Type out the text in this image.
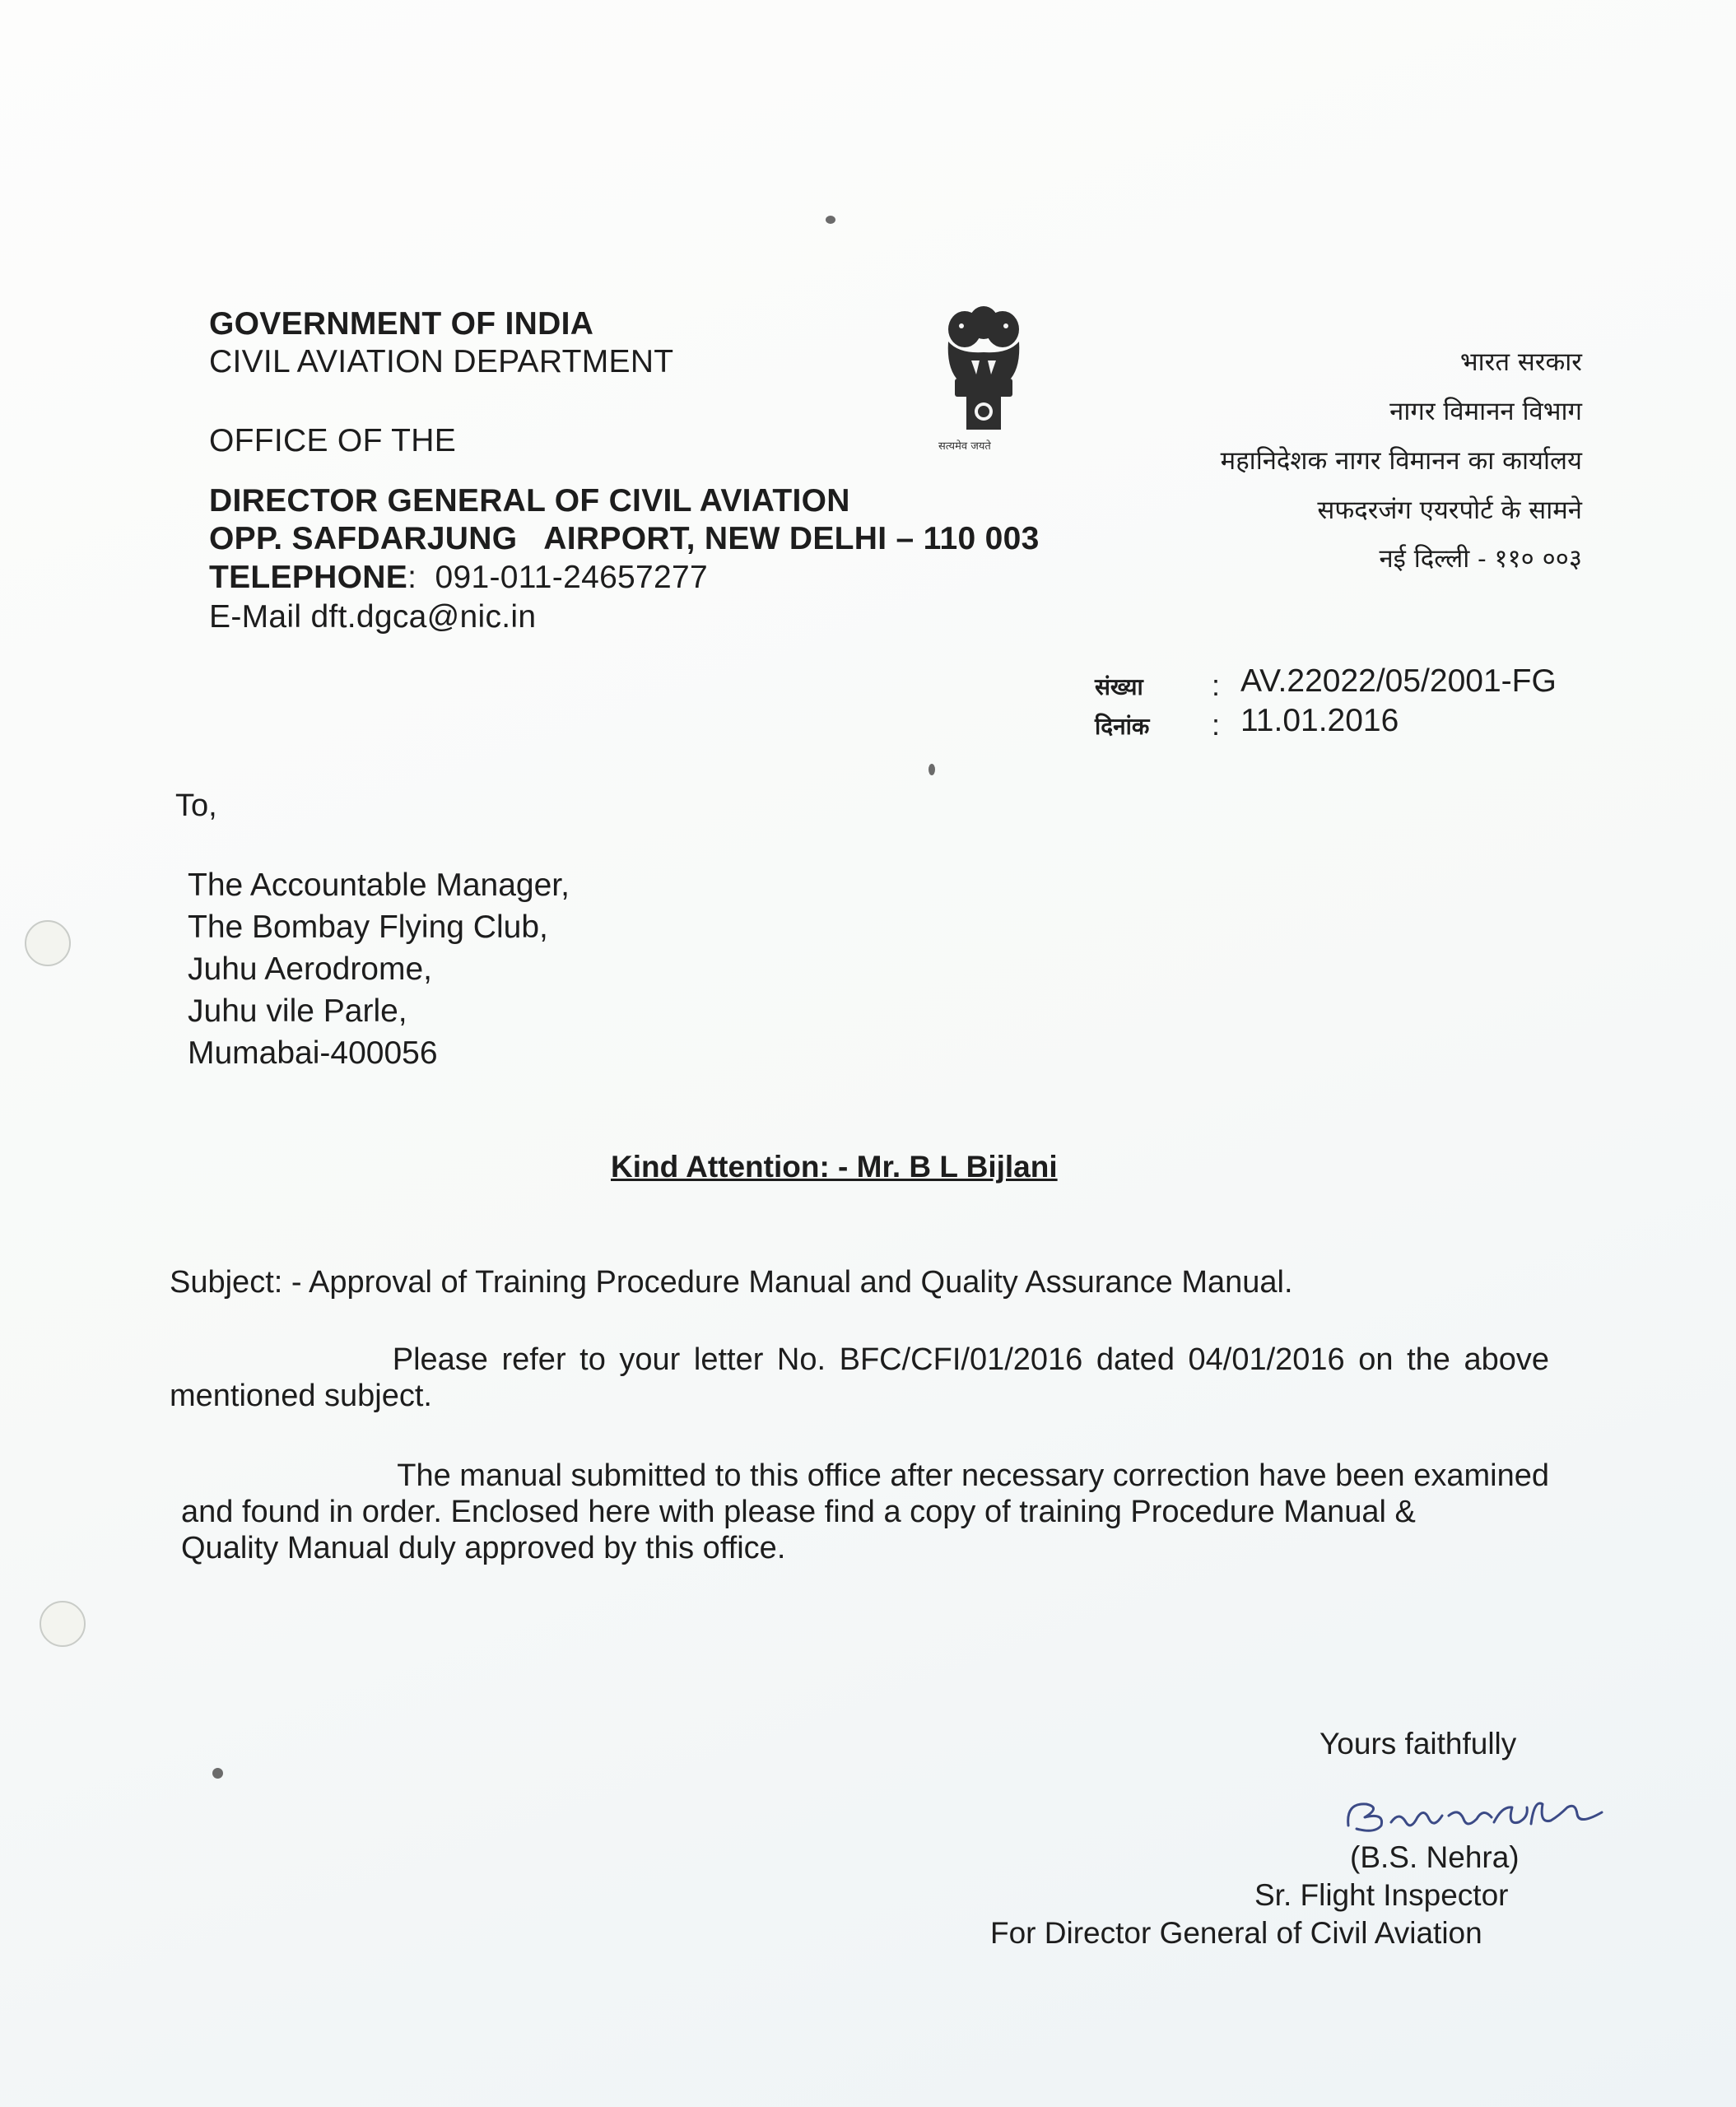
GOVERNMENT OF INDIA
CIVIL AVIATION DEPARTMENT
OFFICE OF THE
DIRECTOR GENERAL OF CIVIL AVIATION
OPP. SAFDARJUNG   AIRPORT, NEW DELHI – 110 003
TELEPHONE:  091-011-24657277
E-Mail dft.dgca@nic.in
सत्यमेव जयते
भारत सरकार
नागर विमानन विभाग
महानिदेशक नागर विमानन का कार्यालय
सफदरजंग एयरपोर्ट के सामने
नई दिल्ली - ११० ००३
संख्या : AV.22022/05/2001-FG
दिनांक : 11.01.2016
To,
The Accountable Manager,
The Bombay Flying Club,
Juhu Aerodrome,
Juhu vile Parle,
Mumabai-400056
Kind Attention: - Mr. B L Bijlani
Subject: - Approval of Training Procedure Manual and Quality Assurance Manual.
Please refer to your letter No. BFC/CFI/01/2016 dated 04/01/2016 on the above
mentioned subject.
The manual submitted to this office after necessary correction have been examined
and found in order. Enclosed here with please find a copy of training Procedure Manual &
Quality Manual duly approved by this office.
Yours faithfully
(B.S. Nehra)
Sr. Flight Inspector
For Director General of Civil Aviation
